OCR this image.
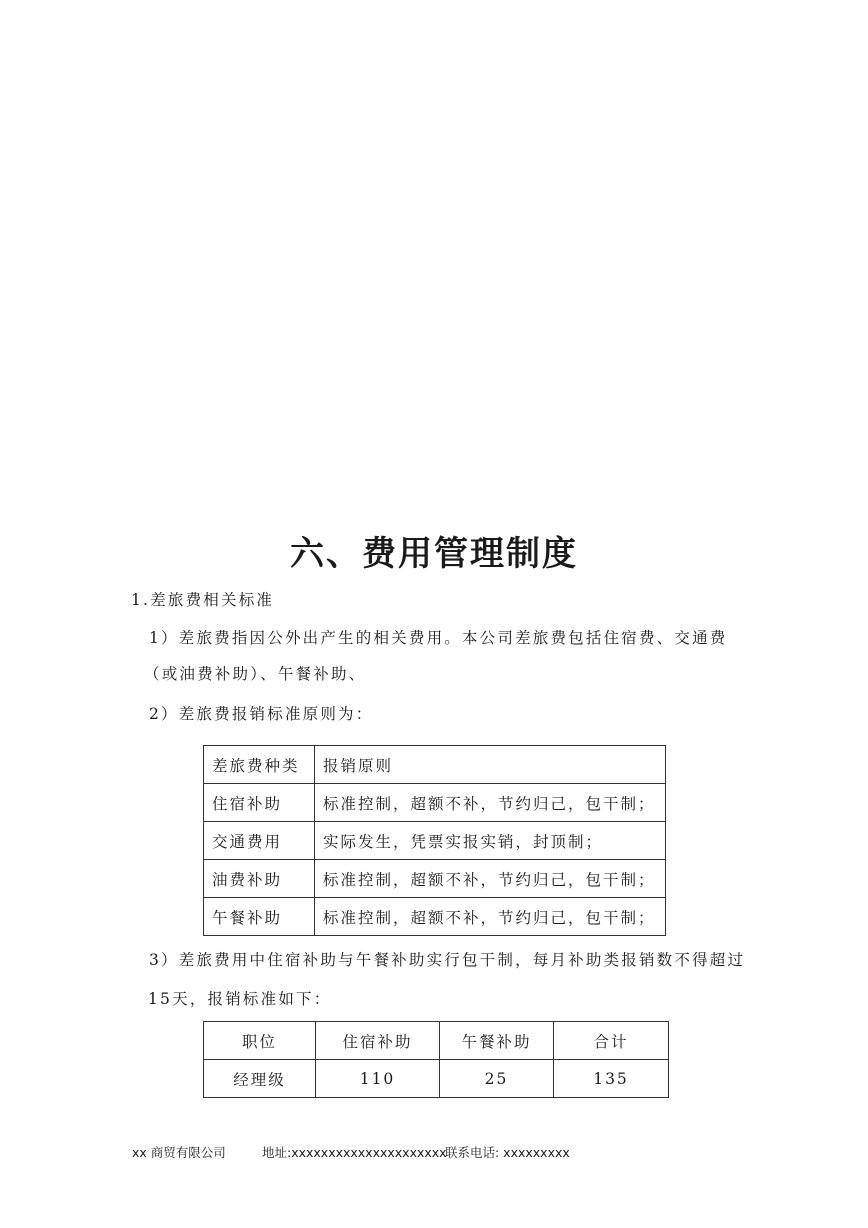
六、费用管理制度
1.差旅费相关标准
1）差旅费指因公外出产生的相关费用。本公司差旅费包括住宿费、交通费
（或油费补助）、午餐补助、
2）差旅费报销标准原则为：
差旅费种类	报销原则
住宿补助	标准控制，超额不补，节约归己，包干制；
交通费用	实际发生，凭票实报实销，封顶制；
油费补助	标准控制，超额不补，节约归己，包干制；
午餐补助	标准控制，超额不补，节约归己，包干制；
3）差旅费用中住宿补助与午餐补助实行包干制，每月补助类报销数不得超过
15天，报销标准如下：
职位	住宿补助	午餐补助	合计
经理级	110	25	135
xx 商贸有限公司	地址:xxxxxxxxxxxxxxxxxxxxx
联系电话: xxxxxxxxx
